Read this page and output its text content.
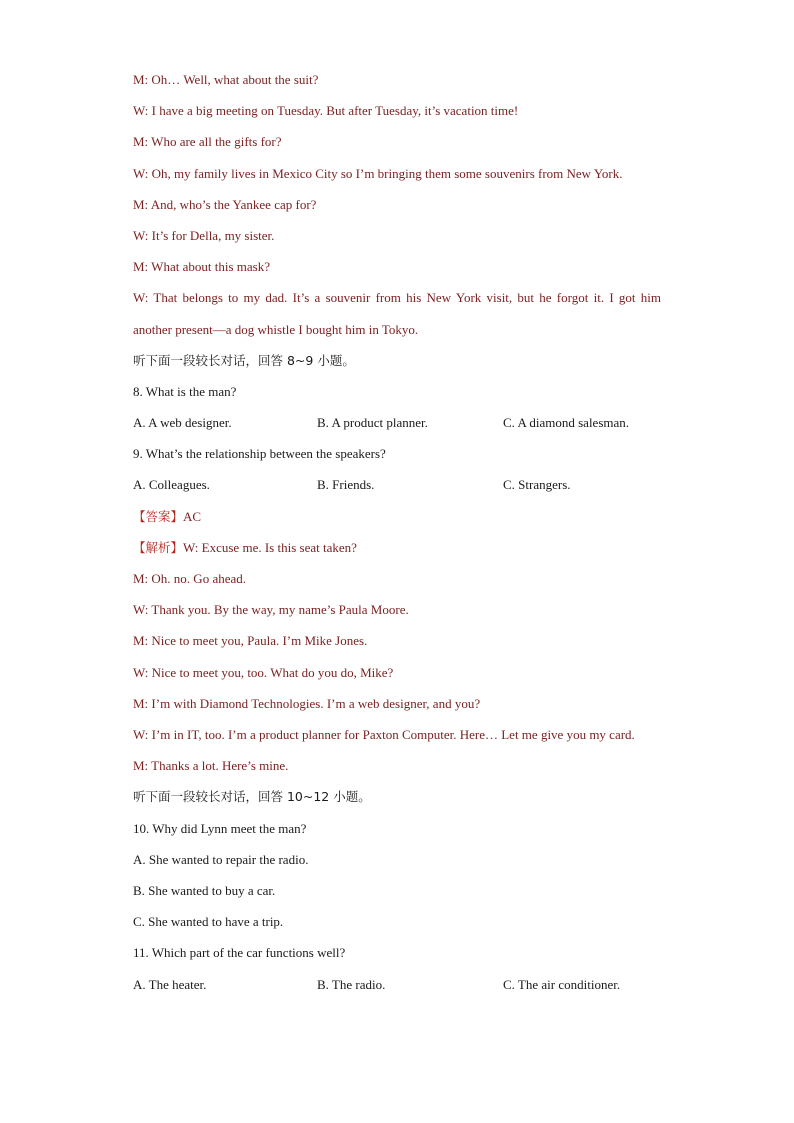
M: Oh… Well, what about the suit?
W: I have a big meeting on Tuesday. But after Tuesday, it’s vacation time!
M: Who are all the gifts for?
W: Oh, my family lives in Mexico City so I’m bringing them some souvenirs from New York.
M: And, who’s the Yankee cap for?
W: It’s for Della, my sister.
M: What about this mask?
W: That belongs to my dad. It’s a souvenir from his New York visit, but he forgot it. I got him another present—a dog whistle I bought him in Tokyo.
听下面一段较长对话，回答 8~9 小题。
8. What is the man?
A. A web designer.	B. A product planner.	C. A diamond salesman.
9. What’s the relationship between the speakers?
A. Colleagues.	B. Friends.	C. Strangers.
【答案】AC
【解析】W: Excuse me. Is this seat taken?
M: Oh. no. Go ahead.
W: Thank you. By the way, my name’s Paula Moore.
M: Nice to meet you, Paula. I’m Mike Jones.
W: Nice to meet you, too. What do you do, Mike?
M: I’m with Diamond Technologies. I’m a web designer, and you?
W: I’m in IT, too. I’m a product planner for Paxton Computer. Here… Let me give you my card.
M: Thanks a lot. Here’s mine.
听下面一段较长对话，回答 10~12 小题。
10. Why did Lynn meet the man?
A. She wanted to repair the radio.
B. She wanted to buy a car.
C. She wanted to have a trip.
11. Which part of the car functions well?
A. The heater.	B. The radio.	C. The air conditioner.
